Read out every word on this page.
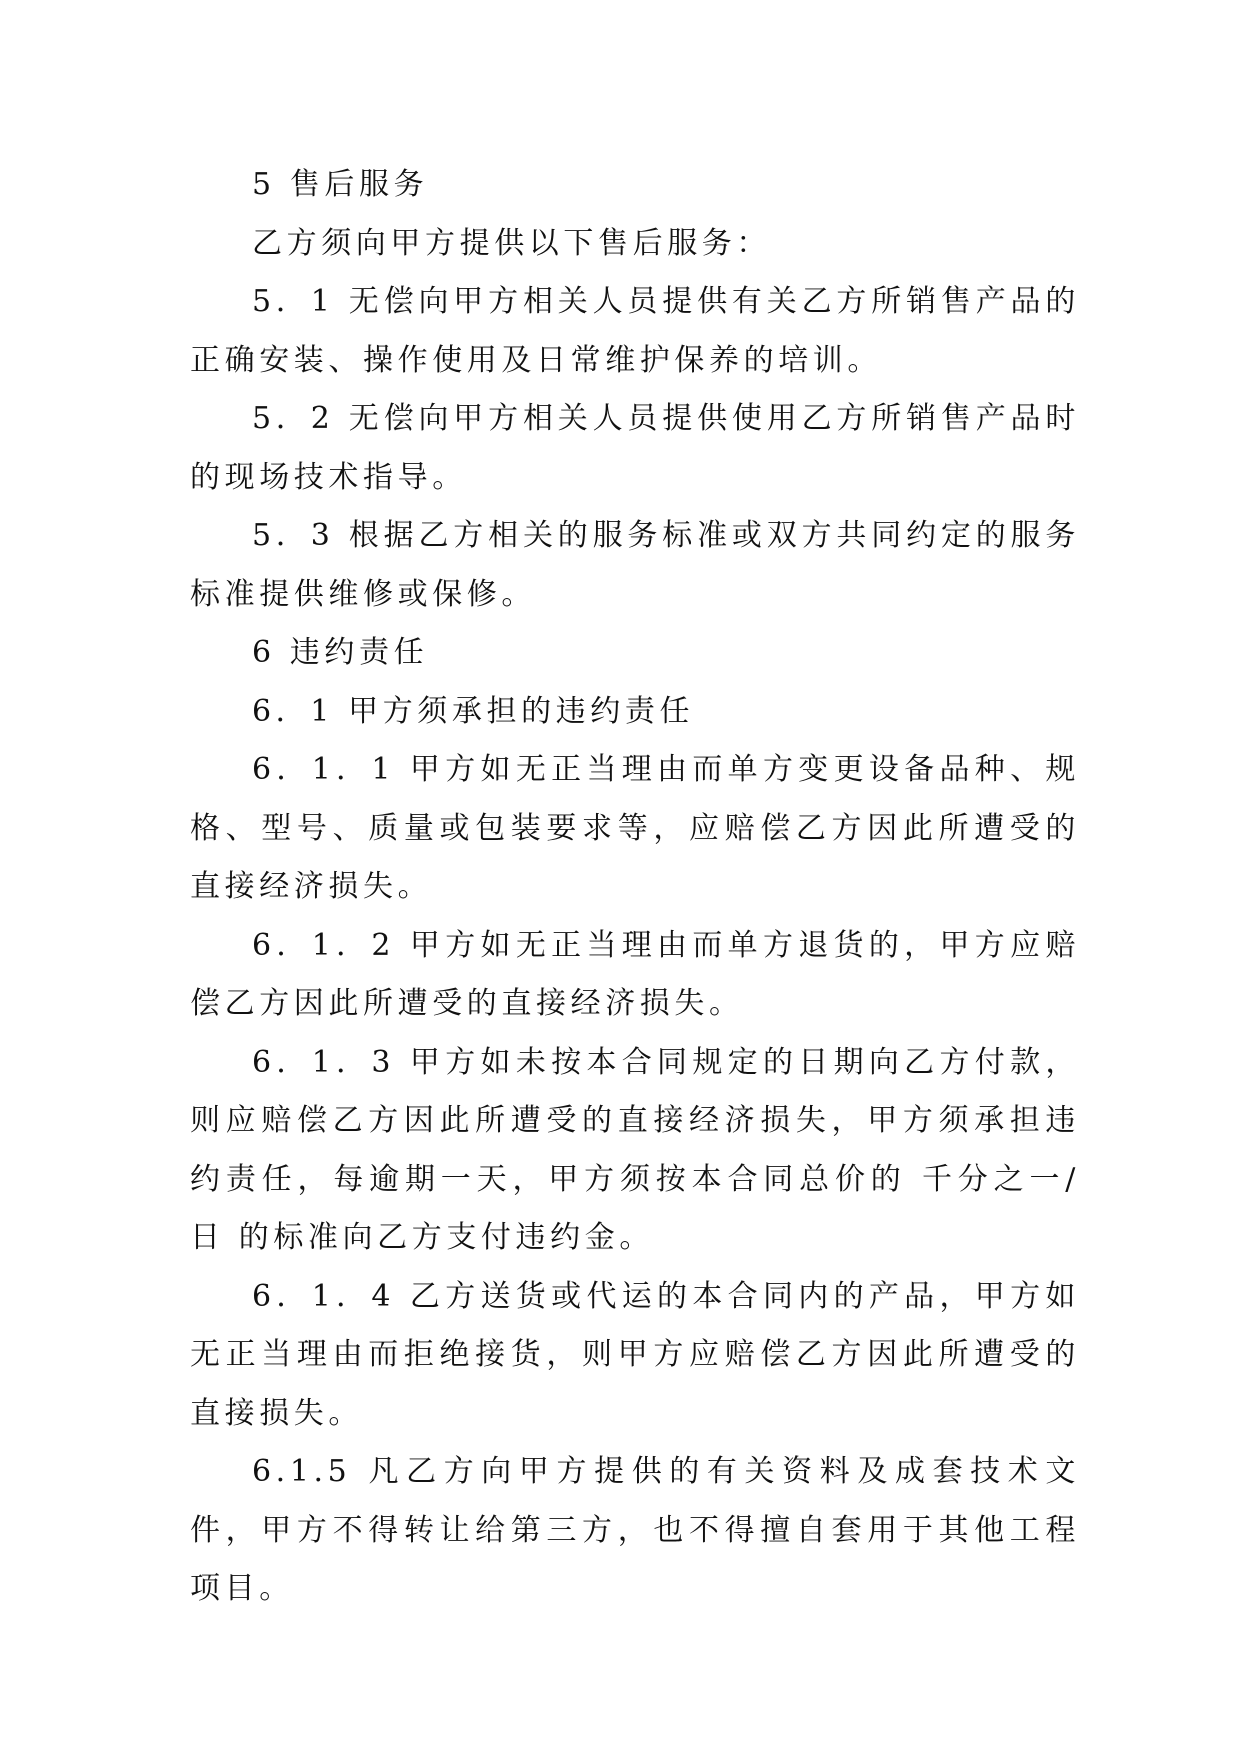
5 售后服务

乙方须向甲方提供以下售后服务：

5．1 无偿向甲方相关人员提供有关乙方所销售产品的正确安装、操作使用及日常维护保养的培训。

5．2 无偿向甲方相关人员提供使用乙方所销售产品时的现场技术指导。

5．3 根据乙方相关的服务标准或双方共同约定的服务标准提供维修或保修。

6 违约责任

6．1 甲方须承担的违约责任

6．1．1 甲方如无正当理由而单方变更设备品种、规格、型号、质量或包装要求等，应赔偿乙方因此所遭受的直接经济损失。

6．1．2 甲方如无正当理由而单方退货的，甲方应赔偿乙方因此所遭受的直接经济损失。

6．1．3 甲方如未按本合同规定的日期向乙方付款，则应赔偿乙方因此所遭受的直接经济损失，甲方须承担违约责任，每逾期一天，甲方须按本合同总价的 千分之一/日 的标准向乙方支付违约金。

6．1．4 乙方送货或代运的本合同内的产品，甲方如无正当理由而拒绝接货，则甲方应赔偿乙方因此所遭受的直接损失。

6.1.5 凡乙方向甲方提供的有关资料及成套技术文件，甲方不得转让给第三方，也不得擅自套用于其他工程项目。
